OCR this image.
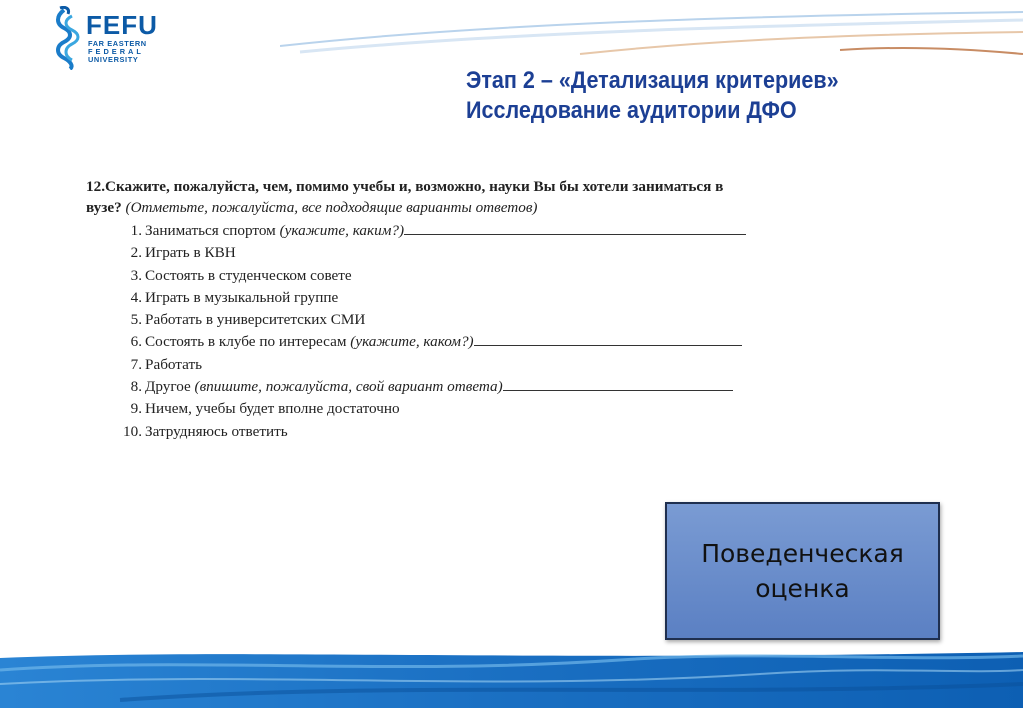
FEFU
FAR EASTERN
FEDERAL
UNIVERSITY
Этап 2 – «Детализация критериев»
Исследование аудитории ДФО
12.Скажите, пожалуйста, чем, помимо учебы и, возможно, науки Вы бы хотели заниматься в
вузе? (Отметьте, пожалуйста, все подходящие варианты ответов)
1. Заниматься спортом (укажите, каким?)
2. Играть в КВН
3. Состоять в студенческом совете
4. Играть в музыкальной группе
5. Работать в университетских СМИ
6. Состоять в клубе по интересам (укажите, каком?)
7. Работать
8. Другое (впишите, пожалуйста, свой вариант ответа)
9. Ничем, учебы будет вполне достаточно
10. Затрудняюсь ответить
Поведенческая
оценка
